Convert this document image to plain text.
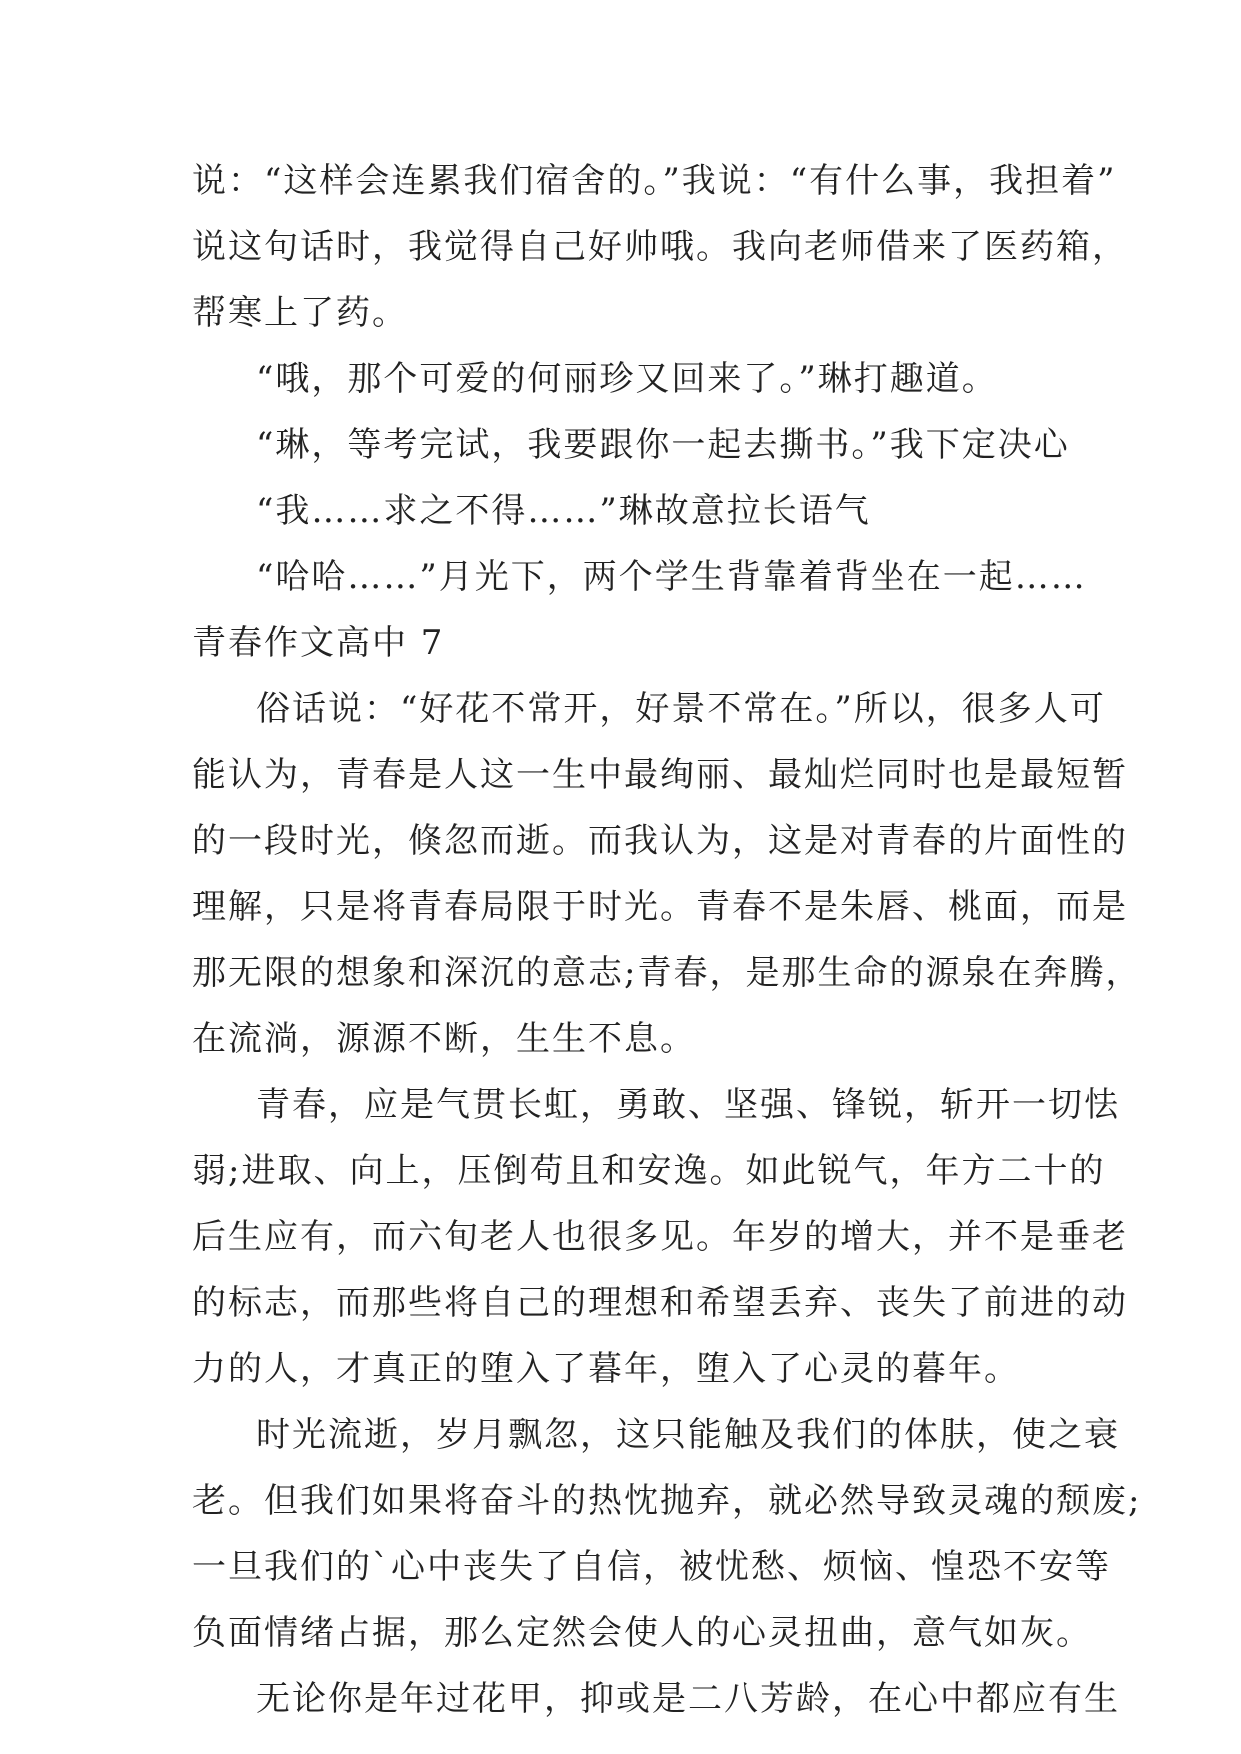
说：“这样会连累我们宿舍的。”我说：“有什么事，我担着”
说这句话时，我觉得自己好帅哦。我向老师借来了医药箱，
帮寒上了药。
“哦，那个可爱的何丽珍又回来了。”琳打趣道。
“琳，等考完试，我要跟你一起去撕书。”我下定决心
“我……求之不得……”琳故意拉长语气
“哈哈……”月光下，两个学生背靠着背坐在一起……
青春作文高中 7
俗话说：“好花不常开，好景不常在。”所以，很多人可
能认为，青春是人这一生中最绚丽、最灿烂同时也是最短暂
的一段时光，倏忽而逝。而我认为，这是对青春的片面性的
理解，只是将青春局限于时光。青春不是朱唇、桃面，而是
那无限的想象和深沉的意志;青春，是那生命的源泉在奔腾，
在流淌，源源不断，生生不息。
青春，应是气贯长虹，勇敢、坚强、锋锐，斩开一切怯
弱;进取、向上，压倒苟且和安逸。如此锐气，年方二十的
后生应有，而六旬老人也很多见。年岁的增大，并不是垂老
的标志，而那些将自己的理想和希望丢弃、丧失了前进的动
力的人，才真正的堕入了暮年，堕入了心灵的暮年。
时光流逝，岁月飘忽，这只能触及我们的体肤，使之衰
老。但我们如果将奋斗的热忱抛弃，就必然导致灵魂的颓废;
一旦我们的`心中丧失了自信，被忧愁、烦恼、惶恐不安等
负面情绪占据，那么定然会使人的心灵扭曲，意气如灰。
无论你是年过花甲，抑或是二八芳龄，在心中都应有生
